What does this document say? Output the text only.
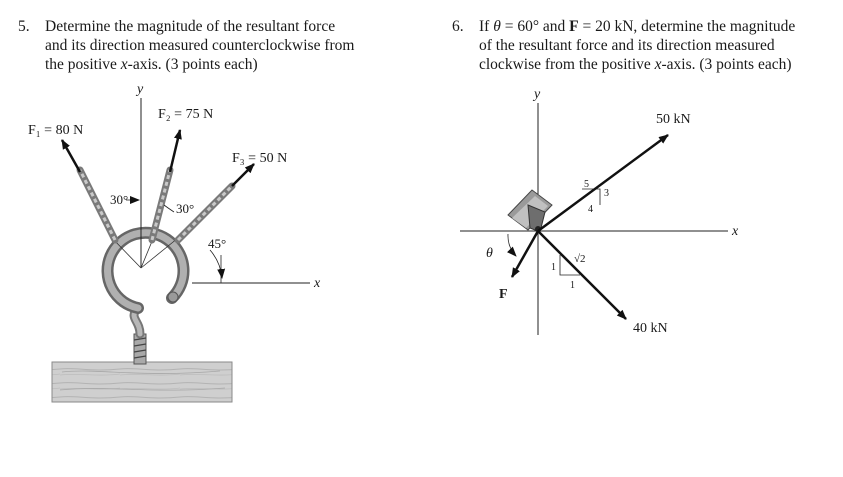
5. Determine the magnitude of the resultant force
and its direction measured counterclockwise from
the positive x-axis. (3 points each)
6. If θ = 60° and F = 20 kN, determine the magnitude
of the resultant force and its direction measured
clockwise from the positive x-axis. (3 points each)
y
x
F₁ = 80 N
F₂ = 75 N
F₃ = 50 N
30°
30°
45°
y
x
50 kN
40 kN
F
θ
5
3
4
1
1
√2
